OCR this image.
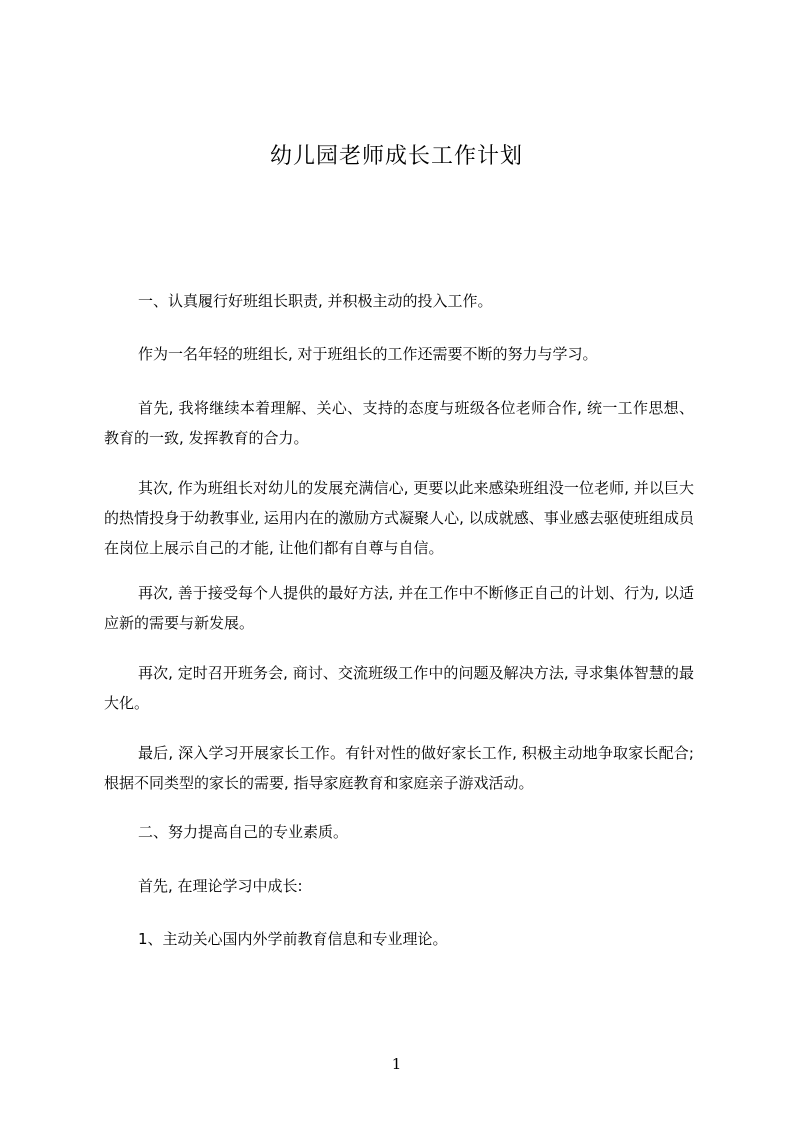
幼儿园老师成长工作计划
一、认真履行好班组长职责, 并积极主动的投入工作。
作为一名年轻的班组长, 对于班组长的工作还需要不断的努力与学习。
首先, 我将继续本着理解、关心、支持的态度与班级各位老师合作, 统一工作思想、教育的一致, 发挥教育的合力。
其次, 作为班组长对幼儿的发展充满信心, 更要以此来感染班组没一位老师, 并以巨大的热情投身于幼教事业, 运用内在的激励方式凝聚人心, 以成就感、事业感去驱使班组成员在岗位上展示自己的才能, 让他们都有自尊与自信。
再次, 善于接受每个人提供的最好方法, 并在工作中不断修正自己的计划、行为, 以适应新的需要与新发展。
再次, 定时召开班务会, 商讨、交流班级工作中的问题及解决方法, 寻求集体智慧的最大化。
最后, 深入学习开展家长工作。有针对性的做好家长工作, 积极主动地争取家长配合; 根据不同类型的家长的需要, 指导家庭教育和家庭亲子游戏活动。
二、努力提高自己的专业素质。
首先, 在理论学习中成长:
1、主动关心国内外学前教育信息和专业理论。
1
